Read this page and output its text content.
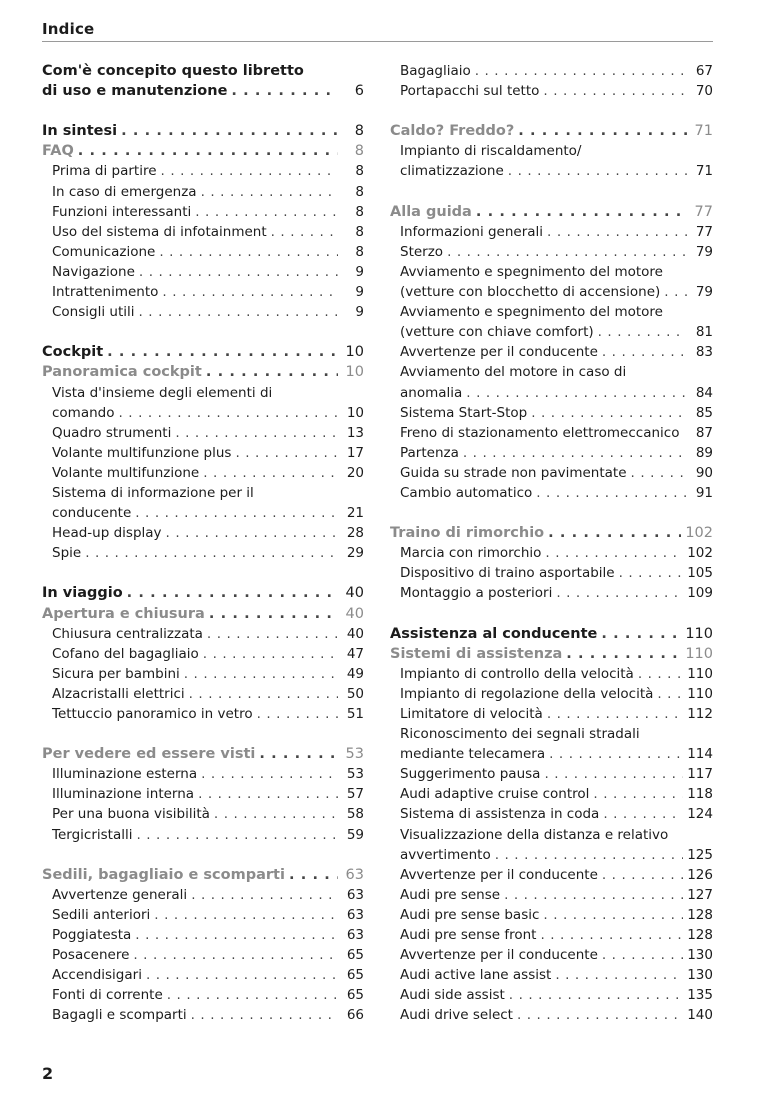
Indice
Com'è concepito questo libretto
di uso e manutenzione . . .	6
In sintesi . . .	8
FAQ . . .	8
Prima di partire . . .	8
In caso di emergenza . . .	8
Funzioni interessanti . . .	8
Uso del sistema di infotainment . . .	8
Comunicazione . . .	8
Navigazione . . .	9
Intrattenimento . . .	9
Consigli utili . . .	9
Cockpit . . .	10
Panoramica cockpit . . .	10
Vista d'insieme degli elementi di
comando . . .	10
Quadro strumenti . . .	13
Volante multifunzione plus . . .	17
Volante multifunzione . . .	20
Sistema di informazione per il
conducente . . .	21
Head-up display . . .	28
Spie . . .	29
In viaggio . . .	40
Apertura e chiusura . . .	40
Chiusura centralizzata . . .	40
Cofano del bagagliaio . . .	47
Sicura per bambini . . .	49
Alzacristalli elettrici . . .	50
Tettuccio panoramico in vetro . . .	51
Per vedere ed essere visti . . .	53
Illuminazione esterna . . .	53
Illuminazione interna . . .	57
Per una buona visibilità . . .	58
Tergicristalli . . .	59
Sedili, bagagliaio e scomparti . . .	63
Avvertenze generali . . .	63
Sedili anteriori . . .	63
Poggiatesta . . .	63
Posacenere . . .	65
Accendisigari . . .	65
Fonti di corrente . . .	65
Bagagli e scomparti . . .	66
Bagagliaio . . .	67
Portapacchi sul tetto . . .	70
Caldo? Freddo? . . .	71
Impianto di riscaldamento/
climatizzazione . . .	71
Alla guida . . .	77
Informazioni generali . . .	77
Sterzo . . .	79
Avviamento e spegnimento del motore
(vetture con blocchetto di accensione) . . .	79
Avviamento e spegnimento del motore
(vetture con chiave comfort) . . .	81
Avvertenze per il conducente . . .	83
Avviamento del motore in caso di
anomalia . . .	84
Sistema Start-Stop . . .	85
Freno di stazionamento elettromeccanico	87
Partenza . . .	89
Guida su strade non pavimentate . . .	90
Cambio automatico . . .	91
Traino di rimorchio . . .	102
Marcia con rimorchio . . .	102
Dispositivo di traino asportabile . . .	105
Montaggio a posteriori . . .	109
Assistenza al conducente . . .	110
Sistemi di assistenza . . .	110
Impianto di controllo della velocità . . .	110
Impianto di regolazione della velocità . . .	110
Limitatore di velocità . . .	112
Riconoscimento dei segnali stradali
mediante telecamera . . .	114
Suggerimento pausa . . .	117
Audi adaptive cruise control . . .	118
Sistema di assistenza in coda . . .	124
Visualizzazione della distanza e relativo
avvertimento . . .	125
Avvertenze per il conducente . . .	126
Audi pre sense . . .	127
Audi pre sense basic . . .	128
Audi pre sense front . . .	128
Avvertenze per il conducente . . .	130
Audi active lane assist . . .	130
Audi side assist . . .	135
Audi drive select . . .	140
2
